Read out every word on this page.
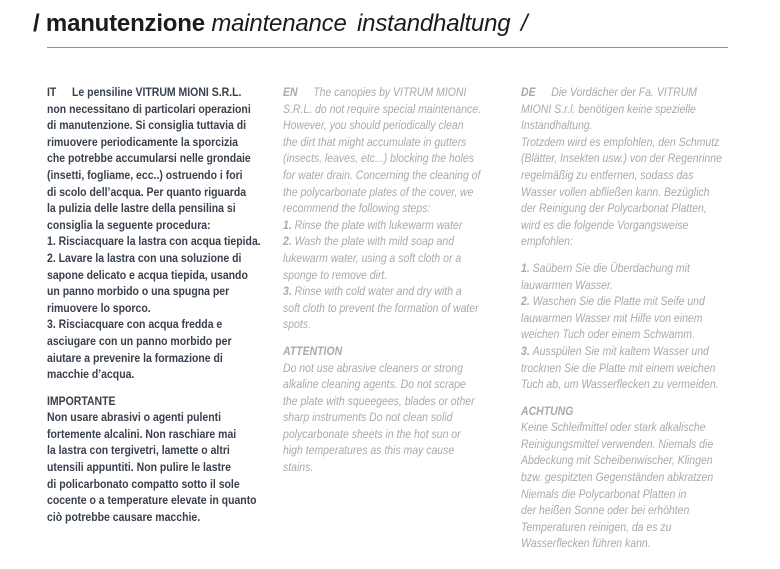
/ manutenzione maintenance instandhaltung /
IT Le pensiline VITRUM MIONI S.R.L.
non necessitano di particolari operazioni
di manutenzione. Si consiglia tuttavia di
rimuovere periodicamente la sporcizia
che potrebbe accumularsi nelle grondaie
(insetti, fogliame, ecc..) ostruendo i fori
di scolo dell’acqua. Per quanto riguarda
la pulizia delle lastre della pensilina si
consiglia la seguente procedura:
1. Risciacquare la lastra con acqua tiepida.
2. Lavare la lastra con una soluzione di
sapone delicato e acqua tiepida, usando
un panno morbido o una spugna per
rimuovere lo sporco.
3. Risciacquare con acqua fredda e
asciugare con un panno morbido per
aiutare a prevenire la formazione di
macchie d’acqua.
IMPORTANTE
Non usare abrasivi o agenti pulenti
fortemente alcalini. Non raschiare mai
la lastra con tergivetri, lamette o altri
utensili appuntiti. Non pulire le lastre
di policarbonato compatto sotto il sole
cocente o a temperature elevate in quanto
ciò potrebbe causare macchie.
EN The canopies by VITRUM MIONI
S.R.L. do not require special maintenance.
However, you should periodically clean
the dirt that might accumulate in gutters
(insects, leaves, etc...) blocking the holes
for water drain. Concerning the cleaning of
the polycarbonate plates of the cover, we
recommend the following steps:
1. Rinse the plate with lukewarm water
2. Wash the plate with mild soap and
lukewarm water, using a soft cloth or a
sponge to remove dirt.
3. Rinse with cold water and dry with a
soft cloth to prevent the formation of water
spots.
ATTENTION
Do not use abrasive cleaners or strong
alkaline cleaning agents. Do not scrape
the plate with squeegees, blades or other
sharp instruments Do not clean solid
polycarbonate sheets in the hot sun or
high temperatures as this may cause
stains.
DE Die Vordächer der Fa. VITRUM
MIONI S.r.l. benötigen keine spezielle
Instandhaltung.
Trotzdem wird es empfohlen, den Schmutz
(Blätter, Insekten usw.) von der Regenrinne
regelmäßig zu entfernen, sodass das
Wasser vollen abfließen kann. Bezüglich
der Reinigung der Polycarbonat Platten,
wird es die folgende Vorgangsweise
empfohlen:
1. Saübern Sie die Überdachung mit
lauwarmen Wasser.
2. Waschen Sie die Platte mit Seife und
lauwarmen Wasser mit Hilfe von einem
weichen Tuch oder einem Schwamm.
3. Ausspülen Sie mit kaltem Wasser und
trocknen Sie die Platte mit einem weichen
Tuch ab, um Wasserflecken zu vermeiden.
ACHTUNG
Keine Schleifmittel oder stark alkalische
Reinigungsmittel verwenden. Niemals die
Abdeckung mit Scheibenwischer, Klingen
bzw. gespitzten Gegenständen abkratzen
Niemals die Polycarbonat Platten in
der heißen Sonne oder bei erhöhten
Temperaturen reinigen, da es zu
Wasserflecken führen kann.
